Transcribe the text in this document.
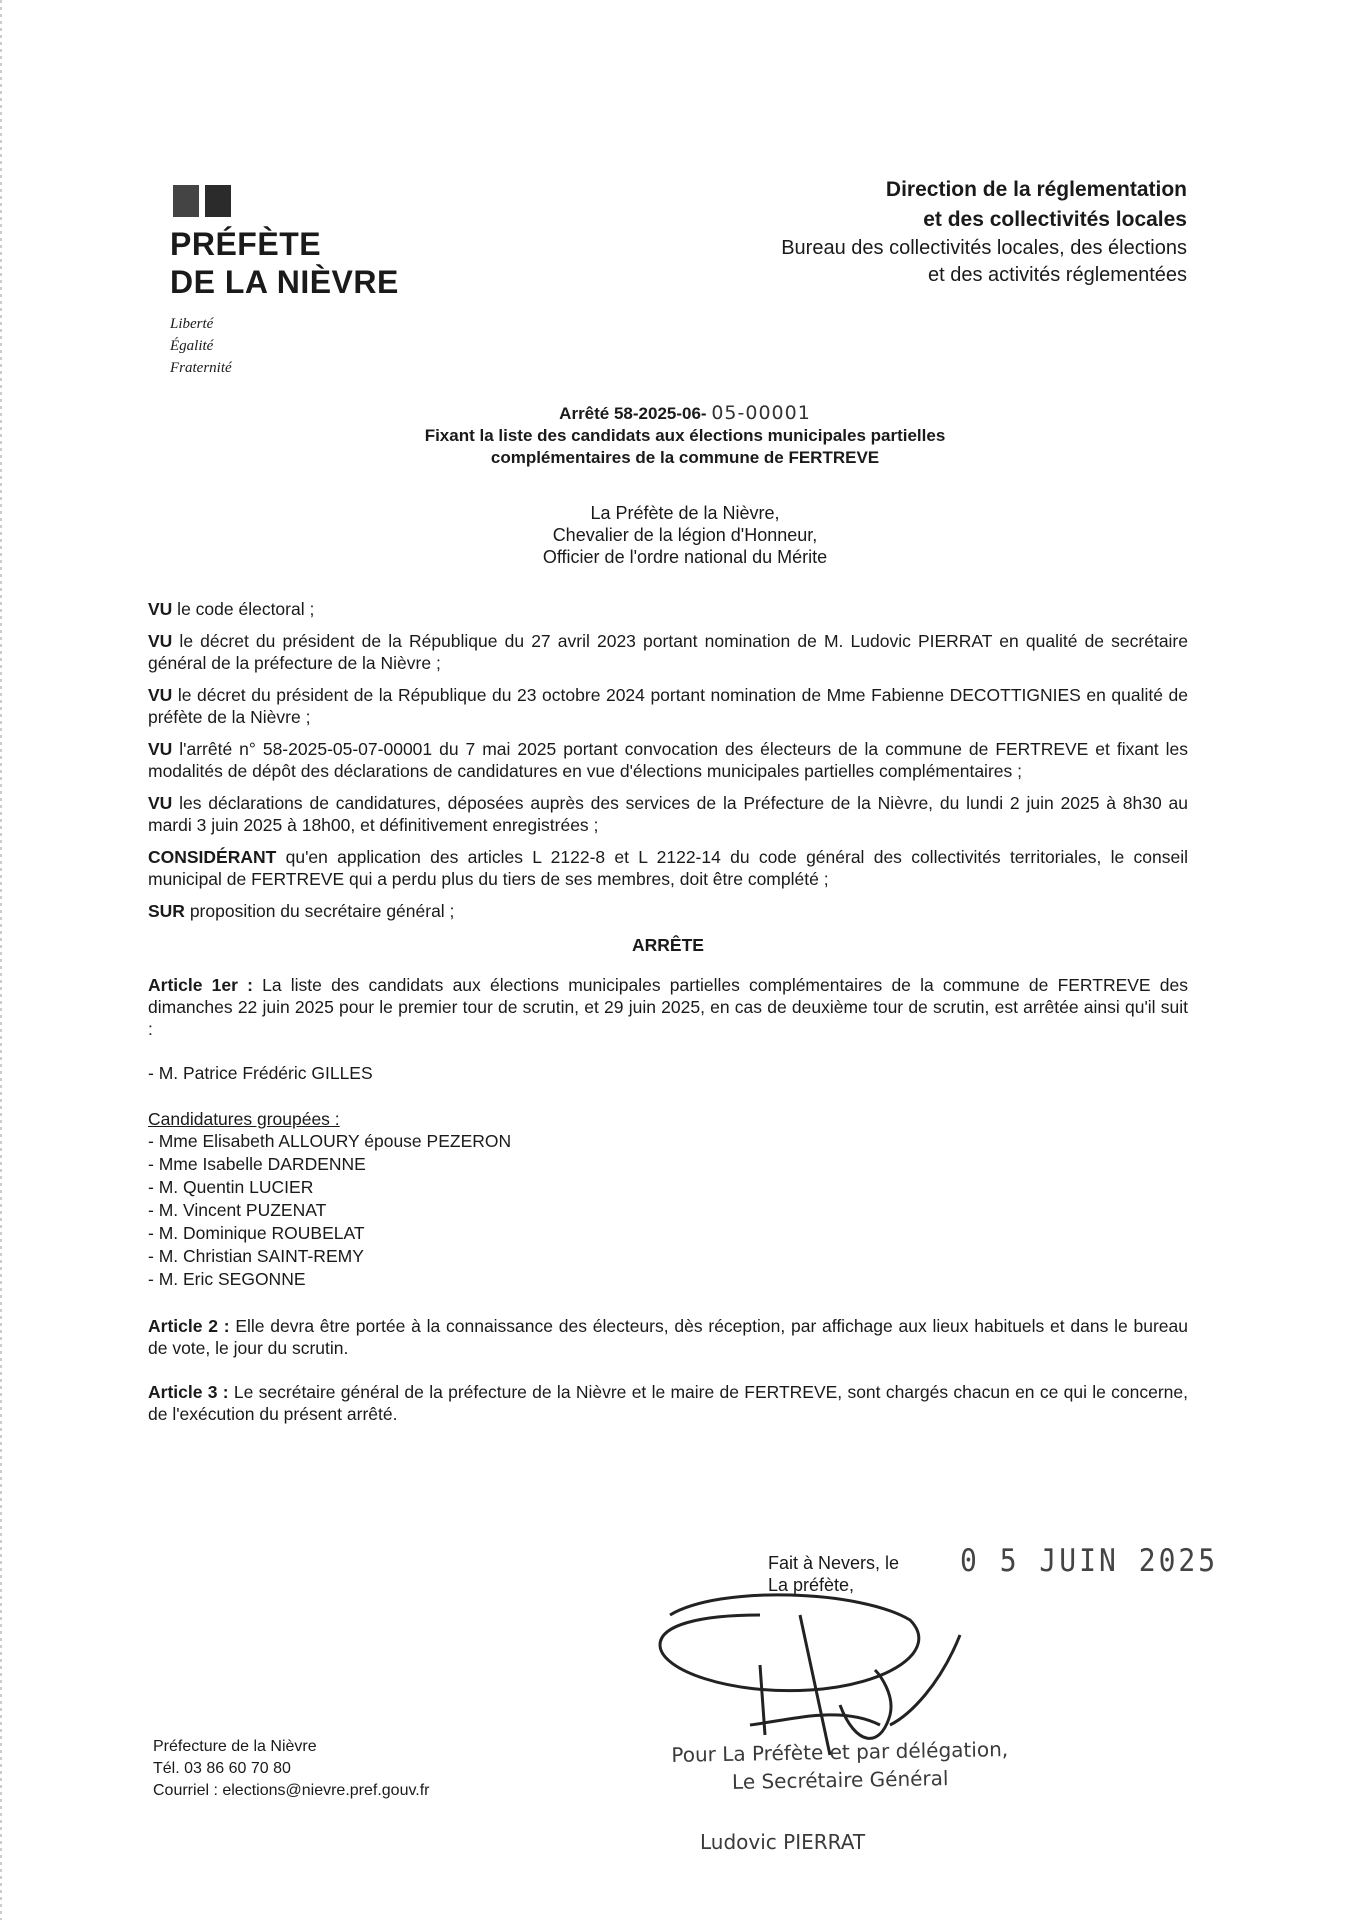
PRÉFÈTE
DE LA NIÈVRE
Liberté
Égalité
Fraternité
Direction de la réglementation
et des collectivités locales
Bureau des collectivités locales, des élections
et des activités réglementées
Arrêté 58-2025-06- 05-00001
Fixant la liste des candidats aux élections municipales partielles
complémentaires de la commune de FERTREVE
La Préfète de la Nièvre,
Chevalier de la légion d'Honneur,
Officier de l'ordre national du Mérite

VU le code électoral ;

VU le décret du président de la République du 27 avril 2023 portant nomination de M. Ludovic PIERRAT en qualité de secrétaire général de la préfecture de la Nièvre ;

VU le décret du président de la République du 23 octobre 2024 portant nomination de Mme Fabienne DECOTTIGNIES en qualité de préfète de la Nièvre ;

VU l'arrêté n° 58-2025-05-07-00001 du 7 mai 2025 portant convocation des électeurs de la commune de FERTREVE et fixant les modalités de dépôt des déclarations de candidatures en vue d'élections municipales partielles complémentaires ;

VU les déclarations de candidatures, déposées auprès des services de la Préfecture de la Nièvre, du lundi 2 juin 2025 à 8h30 au mardi 3 juin 2025 à 18h00, et définitivement enregistrées ;

CONSIDÉRANT qu'en application des articles L 2122-8 et L 2122-14 du code général des collectivités territoriales, le conseil municipal de FERTREVE qui a perdu plus du tiers de ses membres, doit être complété ;

SUR proposition du secrétaire général ;

ARRÊTE

Article 1er : La liste des candidats aux élections municipales partielles complémentaires de la commune de FERTREVE des dimanches 22 juin 2025 pour le premier tour de scrutin, et 29 juin 2025, en cas de deuxième tour de scrutin, est arrêtée ainsi qu'il suit :

- M. Patrice Frédéric GILLES

Candidatures groupées :
- Mme Elisabeth ALLOURY épouse PEZERON
- Mme Isabelle DARDENNE
- M. Quentin LUCIER
- M. Vincent PUZENAT
- M. Dominique ROUBELAT
- M. Christian SAINT-REMY
- M. Eric SEGONNE

Article 2 : Elle devra être portée à la connaissance des électeurs, dès réception, par affichage aux lieux habituels et dans le bureau de vote, le jour du scrutin.

Article 3 : Le secrétaire général de la préfecture de la Nièvre et le maire de FERTREVE, sont chargés chacun en ce qui le concerne, de l'exécution du présent arrêté.

Fait à Nevers, le
La préfète,
0 5 JUIN 2025
Pour La Préfète et par délégation,
Le Secrétaire Général
Ludovic PIERRAT
Préfecture de la Nièvre
Tél. 03 86 60 70 80
Courriel : elections@nievre.pref.gouv.fr
